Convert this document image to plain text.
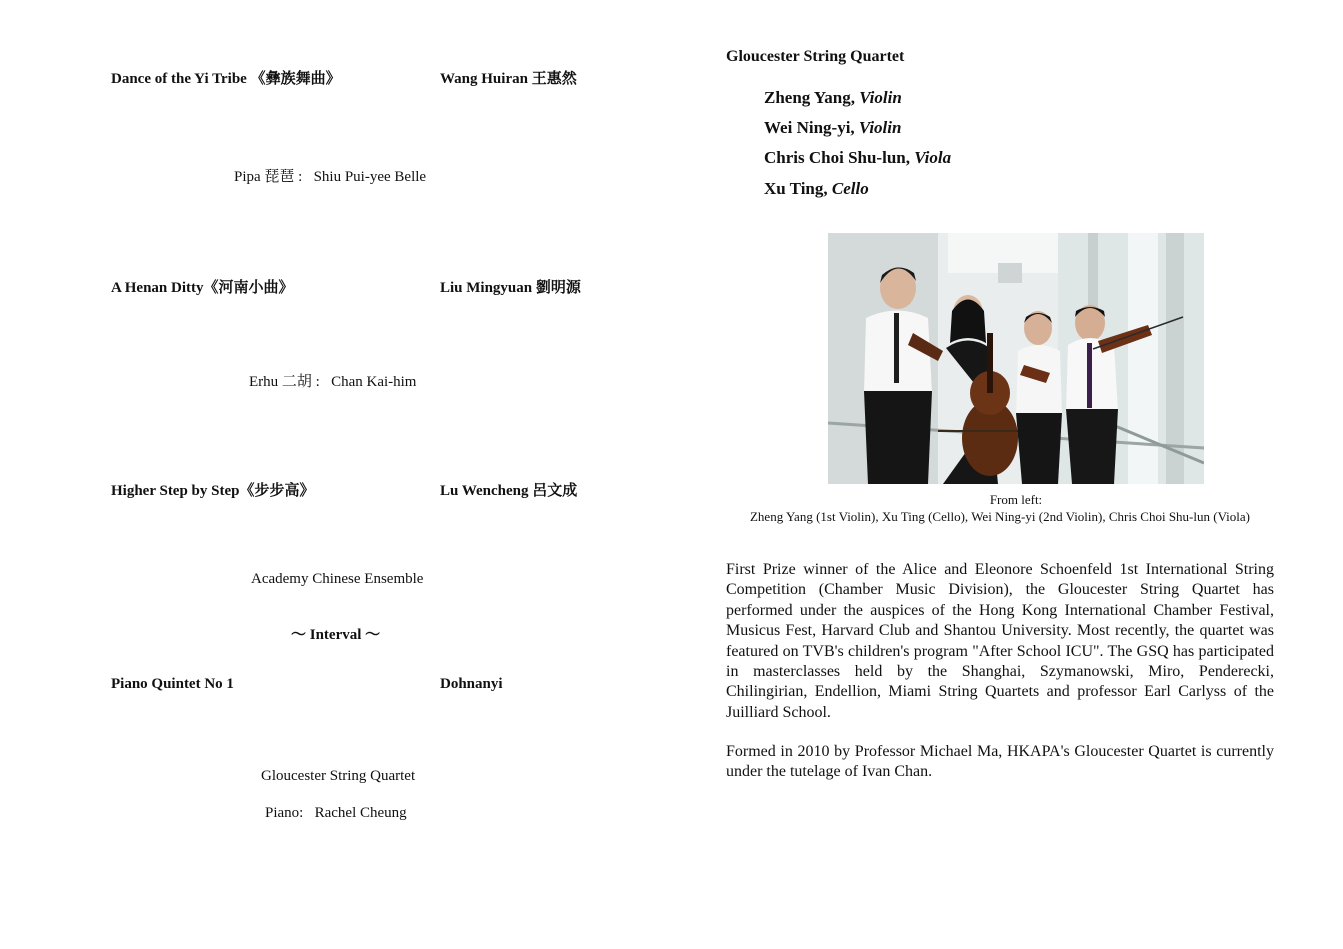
Dance of the Yi Tribe 《彝族舞曲》	Wang Huiran 王惠然
Pipa 琵琶 :   Shiu Pui-yee Belle
A Henan Ditty《河南小曲》	Liu Mingyuan 劉明源
Erhu 二胡 :   Chan Kai-him
Higher Step by Step《步步高》	Lu Wencheng 呂文成
Academy Chinese Ensemble
～ Interval ～
Piano Quintet No 1	Dohnanyi
Gloucester String Quartet
Piano: Rachel Cheung
Gloucester String Quartet
Zheng Yang, Violin
Wei Ning-yi, Violin
Chris Choi Shu-lun, Viola
Xu Ting, Cello
From left:
Zheng Yang (1st Violin), Xu Ting (Cello), Wei Ning-yi (2nd Violin), Chris Choi Shu-lun (Viola)
First Prize winner of the Alice and Eleonore Schoenfeld 1st International String Competition (Chamber Music Division), the Gloucester String Quartet has performed under the auspices of the Hong Kong International Chamber Festival, Musicus Fest, Harvard Club and Shantou University. Most recently, the quartet was featured on TVB's children's program "After School ICU". The GSQ has participated in masterclasses held by the Shanghai, Szymanowski, Miro, Penderecki, Chilingirian, Endellion, Miami String Quartets and professor Earl Carlyss of the Juilliard School.
Formed in 2010 by Professor Michael Ma, HKAPA's Gloucester Quartet is currently under the tutelage of Ivan Chan.
